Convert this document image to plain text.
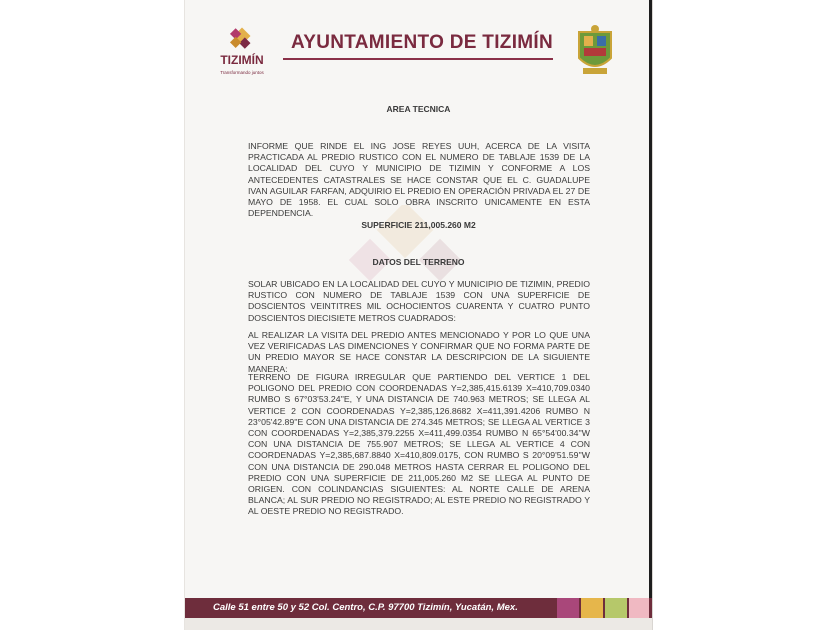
TIZIMÍN
Transformando juntos
AYUNTAMIENTO DE TIZIMÍN
AREA TECNICA
INFORME QUE RINDE EL ING JOSE REYES UUH, ACERCA DE LA VISITA PRACTICADA AL PREDIO RUSTICO CON EL NUMERO DE TABLAJE 1539 DE LA LOCALIDAD DEL CUYO Y MUNICIPIO DE TIZIMIN Y CONFORME A LOS ANTECEDENTES CATASTRALES SE HACE CONSTAR QUE EL C. GUADALUPE IVAN AGUILAR FARFAN, ADQUIRIO EL PREDIO EN OPERACIÓN PRIVADA EL 27 DE MAYO DE 1958. EL CUAL SOLO OBRA INSCRITO UNICAMENTE EN ESTA DEPENDENCIA.
SUPERFICIE 211,005.260 M2
DATOS DEL TERRENO
SOLAR UBICADO EN LA LOCALIDAD DEL CUYO Y MUNICIPIO DE TIZIMIN, PREDIO RUSTICO CON NUMERO DE TABLAJE 1539 CON UNA SUPERFICIE DE DOSCIENTOS VEINTITRES MIL OCHOCIENTOS CUARENTA Y CUATRO PUNTO DOSCIENTOS DIECISIETE METROS CUADRADOS:
AL REALIZAR LA VISITA DEL PREDIO ANTES MENCIONADO Y POR LO QUE UNA VEZ VERIFICADAS LAS DIMENCIONES Y CONFIRMAR QUE NO FORMA PARTE DE UN PREDIO MAYOR SE HACE CONSTAR LA DESCRIPCION DE LA SIGUIENTE MANERA:
TERRENO DE FIGURA IRREGULAR QUE PARTIENDO DEL VERTICE 1 DEL POLIGONO DEL PREDIO CON COORDENADAS Y=2,385,415.6139 X=410,709.0340 RUMBO S 67°03'53.24''E, Y UNA DISTANCIA DE 740.963 METROS; SE LLEGA AL VERTICE 2 CON COORDENADAS Y=2,385,126.8682 X=411,391.4206 RUMBO N 23°05'42.89''E CON UNA DISTANCIA DE 274.345 METROS; SE LLEGA AL VERTICE 3 CON COORDENADAS Y=2,385,379.2255 X=411,499.0354 RUMBO N 65°54'00.34''W CON UNA DISTANCIA DE 755.907 METROS; SE LLEGA AL VERTICE 4 CON COORDENADAS Y=2,385,687.8840 X=410,809.0175, CON RUMBO S 20°09'51.59''W CON UNA DISTANCIA DE 290.048 METROS HASTA CERRAR EL POLIGONO DEL PREDIO CON UNA SUPERFICIE DE 211,005.260 M2 SE LLEGA AL PUNTO DE ORIGEN. CON COLINDANCIAS SIGUIENTES: AL NORTE CALLE DE ARENA BLANCA; AL SUR PREDIO NO REGISTRADO; AL ESTE PREDIO NO REGISTRADO Y AL OESTE PREDIO NO REGISTRADO.
Calle 51 entre 50 y 52 Col. Centro, C.P. 97700 Tizimín, Yucatán, Mex.
